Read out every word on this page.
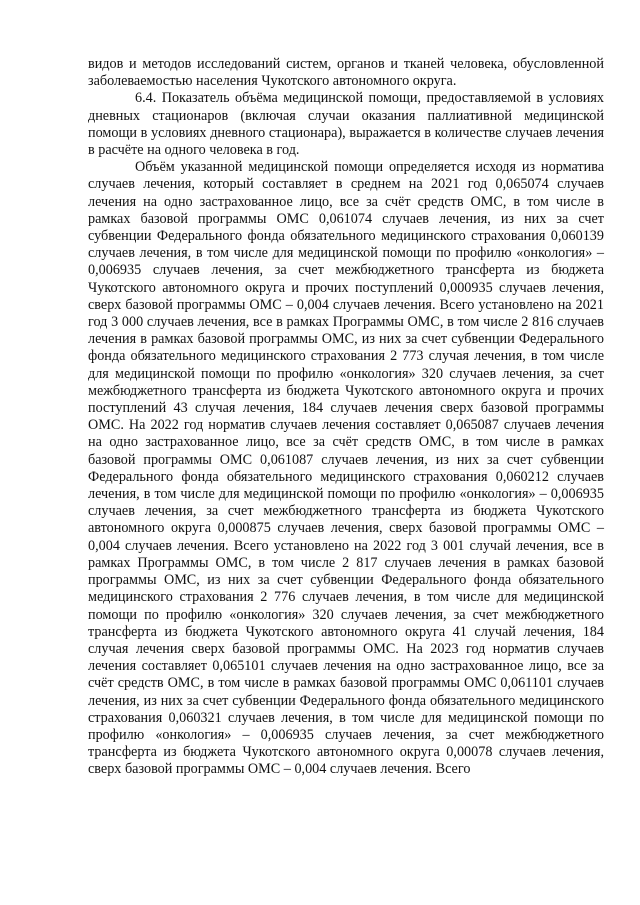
видов и методов исследований систем, органов и тканей человека, обусловленной заболеваемостью населения Чукотского автономного округа.

6.4. Показатель объёма медицинской помощи, предоставляемой в условиях дневных стационаров (включая случаи оказания паллиативной медицинской помощи в условиях дневного стационара), выражается в количестве случаев лечения в расчёте на одного человека в год.

Объём указанной медицинской помощи определяется исходя из норматива случаев лечения, который составляет в среднем на 2021 год 0,065074 случаев лечения на одно застрахованное лицо, все за счёт средств ОМС, в том числе в рамках базовой программы ОМС 0,061074 случаев лечения, из них за счет субвенции Федерального фонда обязательного медицинского страхования 0,060139 случаев лечения, в том числе для медицинской помощи по профилю «онкология» – 0,006935 случаев лечения, за счет межбюджетного трансферта из бюджета Чукотского автономного округа и прочих поступлений 0,000935 случаев лечения, сверх базовой программы ОМС – 0,004 случаев лечения. Всего установлено на 2021 год 3 000 случаев лечения, все в рамках Программы ОМС, в том числе 2 816 случаев лечения в рамках базовой программы ОМС, из них за счет субвенции Федерального фонда обязательного медицинского страхования 2 773 случая лечения, в том числе для медицинской помощи по профилю «онкология» 320 случаев лечения, за счет межбюджетного трансферта из бюджета Чукотского автономного округа и прочих поступлений 43 случая лечения, 184 случаев лечения сверх базовой программы ОМС. На 2022 год норматив случаев лечения составляет 0,065087 случаев лечения на одно застрахованное лицо, все за счёт средств ОМС, в том числе в рамках базовой программы ОМС 0,061087 случаев лечения, из них за счет субвенции Федерального фонда обязательного медицинского страхования 0,060212 случаев лечения, в том числе для медицинской помощи по профилю «онкология» – 0,006935 случаев лечения, за счет межбюджетного трансферта из бюджета Чукотского автономного округа 0,000875 случаев лечения, сверх базовой программы ОМС – 0,004 случаев лечения. Всего установлено на 2022 год 3 001 случай лечения, все в рамках Программы ОМС, в том числе 2 817 случаев лечения в рамках базовой программы ОМС, из них за счет субвенции Федерального фонда обязательного медицинского страхования 2 776 случаев лечения, в том числе для медицинской помощи по профилю «онкология» 320 случаев лечения, за счет межбюджетного трансферта из бюджета Чукотского автономного округа 41 случай лечения, 184 случая лечения сверх базовой программы ОМС. На 2023 год норматив случаев лечения составляет 0,065101 случаев лечения на одно застрахованное лицо, все за счёт средств ОМС, в том числе в рамках базовой программы ОМС 0,061101 случаев лечения, из них за счет субвенции Федерального фонда обязательного медицинского страхования 0,060321 случаев лечения, в том числе для медицинской помощи по профилю «онкология» – 0,006935 случаев лечения, за счет межбюджетного трансферта из бюджета Чукотского автономного округа 0,00078 случаев лечения, сверх базовой программы ОМС – 0,004 случаев лечения. Всего
